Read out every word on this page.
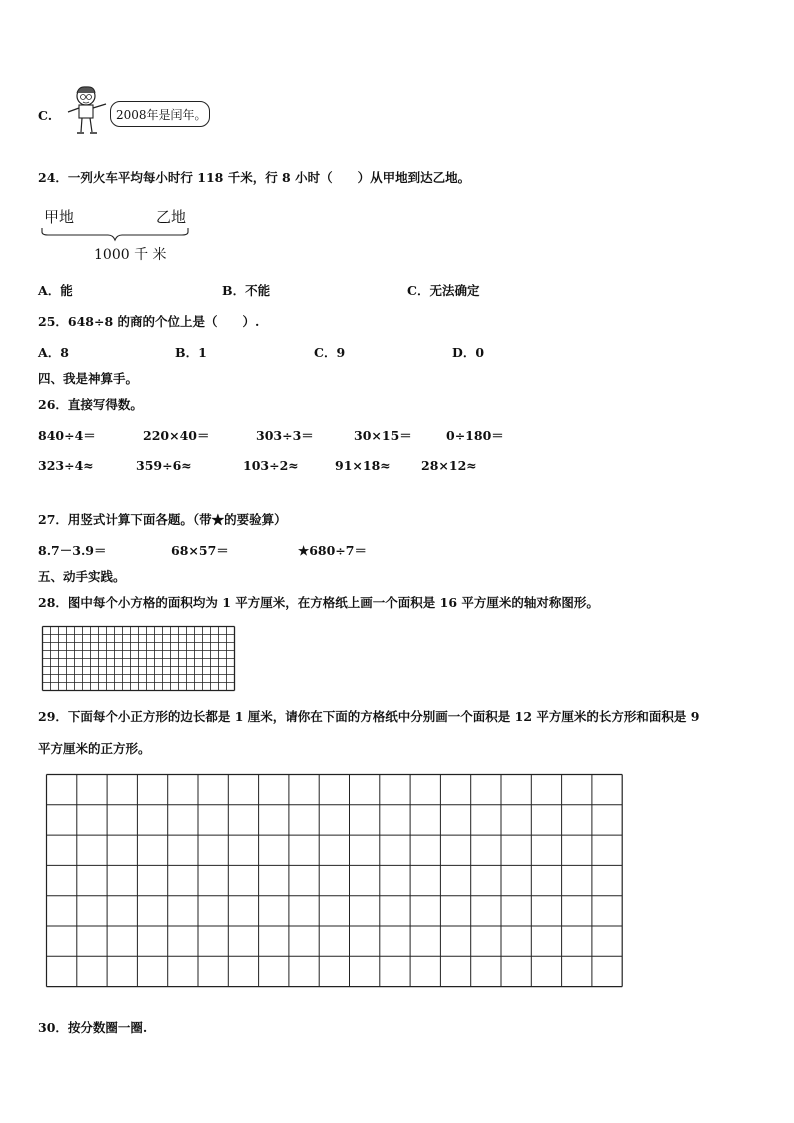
C.	2008年是闰年。
24．一列火车平均每小时行 118 千米，行 8 小时（　　）从甲地到达乙地。
甲地	乙地
1000 千 米
A．能	B．不能	C．无法确定
25．648÷8 的商的个位上是（　　）.
A．8	B．1	C．9	D．0
四、我是神算手。
26．直接写得数。
840÷4＝	220×40＝	303÷3＝	30×15＝	0÷180＝
323÷4≈	359÷6≈	103÷2≈	91×18≈ 28×12≈
27．用竖式计算下面各题。（带★的要验算）
8.7－3.9＝	68×57＝	★680÷7＝
五、动手实践。
28．图中每个小方格的面积均为 1 平方厘米，在方格纸上画一个面积是 16 平方厘米的轴对称图形。
29．下面每个小正方形的边长都是 1 厘米，请你在下面的方格纸中分别画一个面积是 12 平方厘米的长方形和面积是 9
平方厘米的正方形。
30．按分数圈一圈.
